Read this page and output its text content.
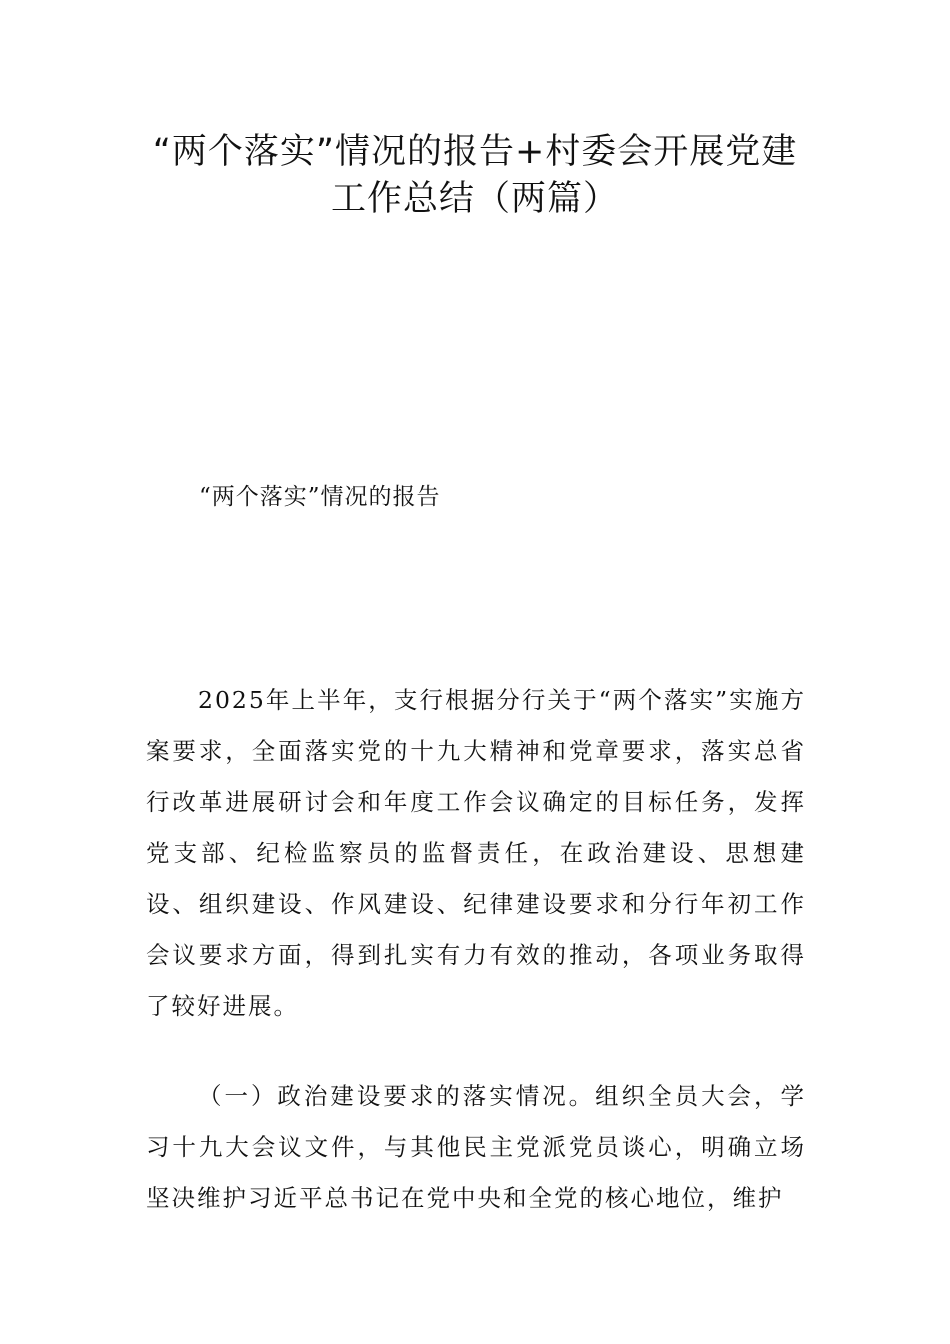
“两个落实”情况的报告+村委会开展党建
工作总结（两篇）
“两个落实”情况的报告

2025年上半年，支行根据分行关于“两个落实”实施方案要求，全面落实党的十九大精神和党章要求，落实总省行改革进展研讨会和年度工作会议确定的目标任务，发挥党支部、纪检监察员的监督责任，在政治建设、思想建设、组织建设、作风建设、纪律建设要求和分行年初工作会议要求方面，得到扎实有力有效的推动，各项业务取得了较好进展。

（一）政治建设要求的落实情况。组织全员大会，学习十九大会议文件，与其他民主党派党员谈心，明确立场坚决维护习近平总书记在党中央和全党的核心地位，维护
